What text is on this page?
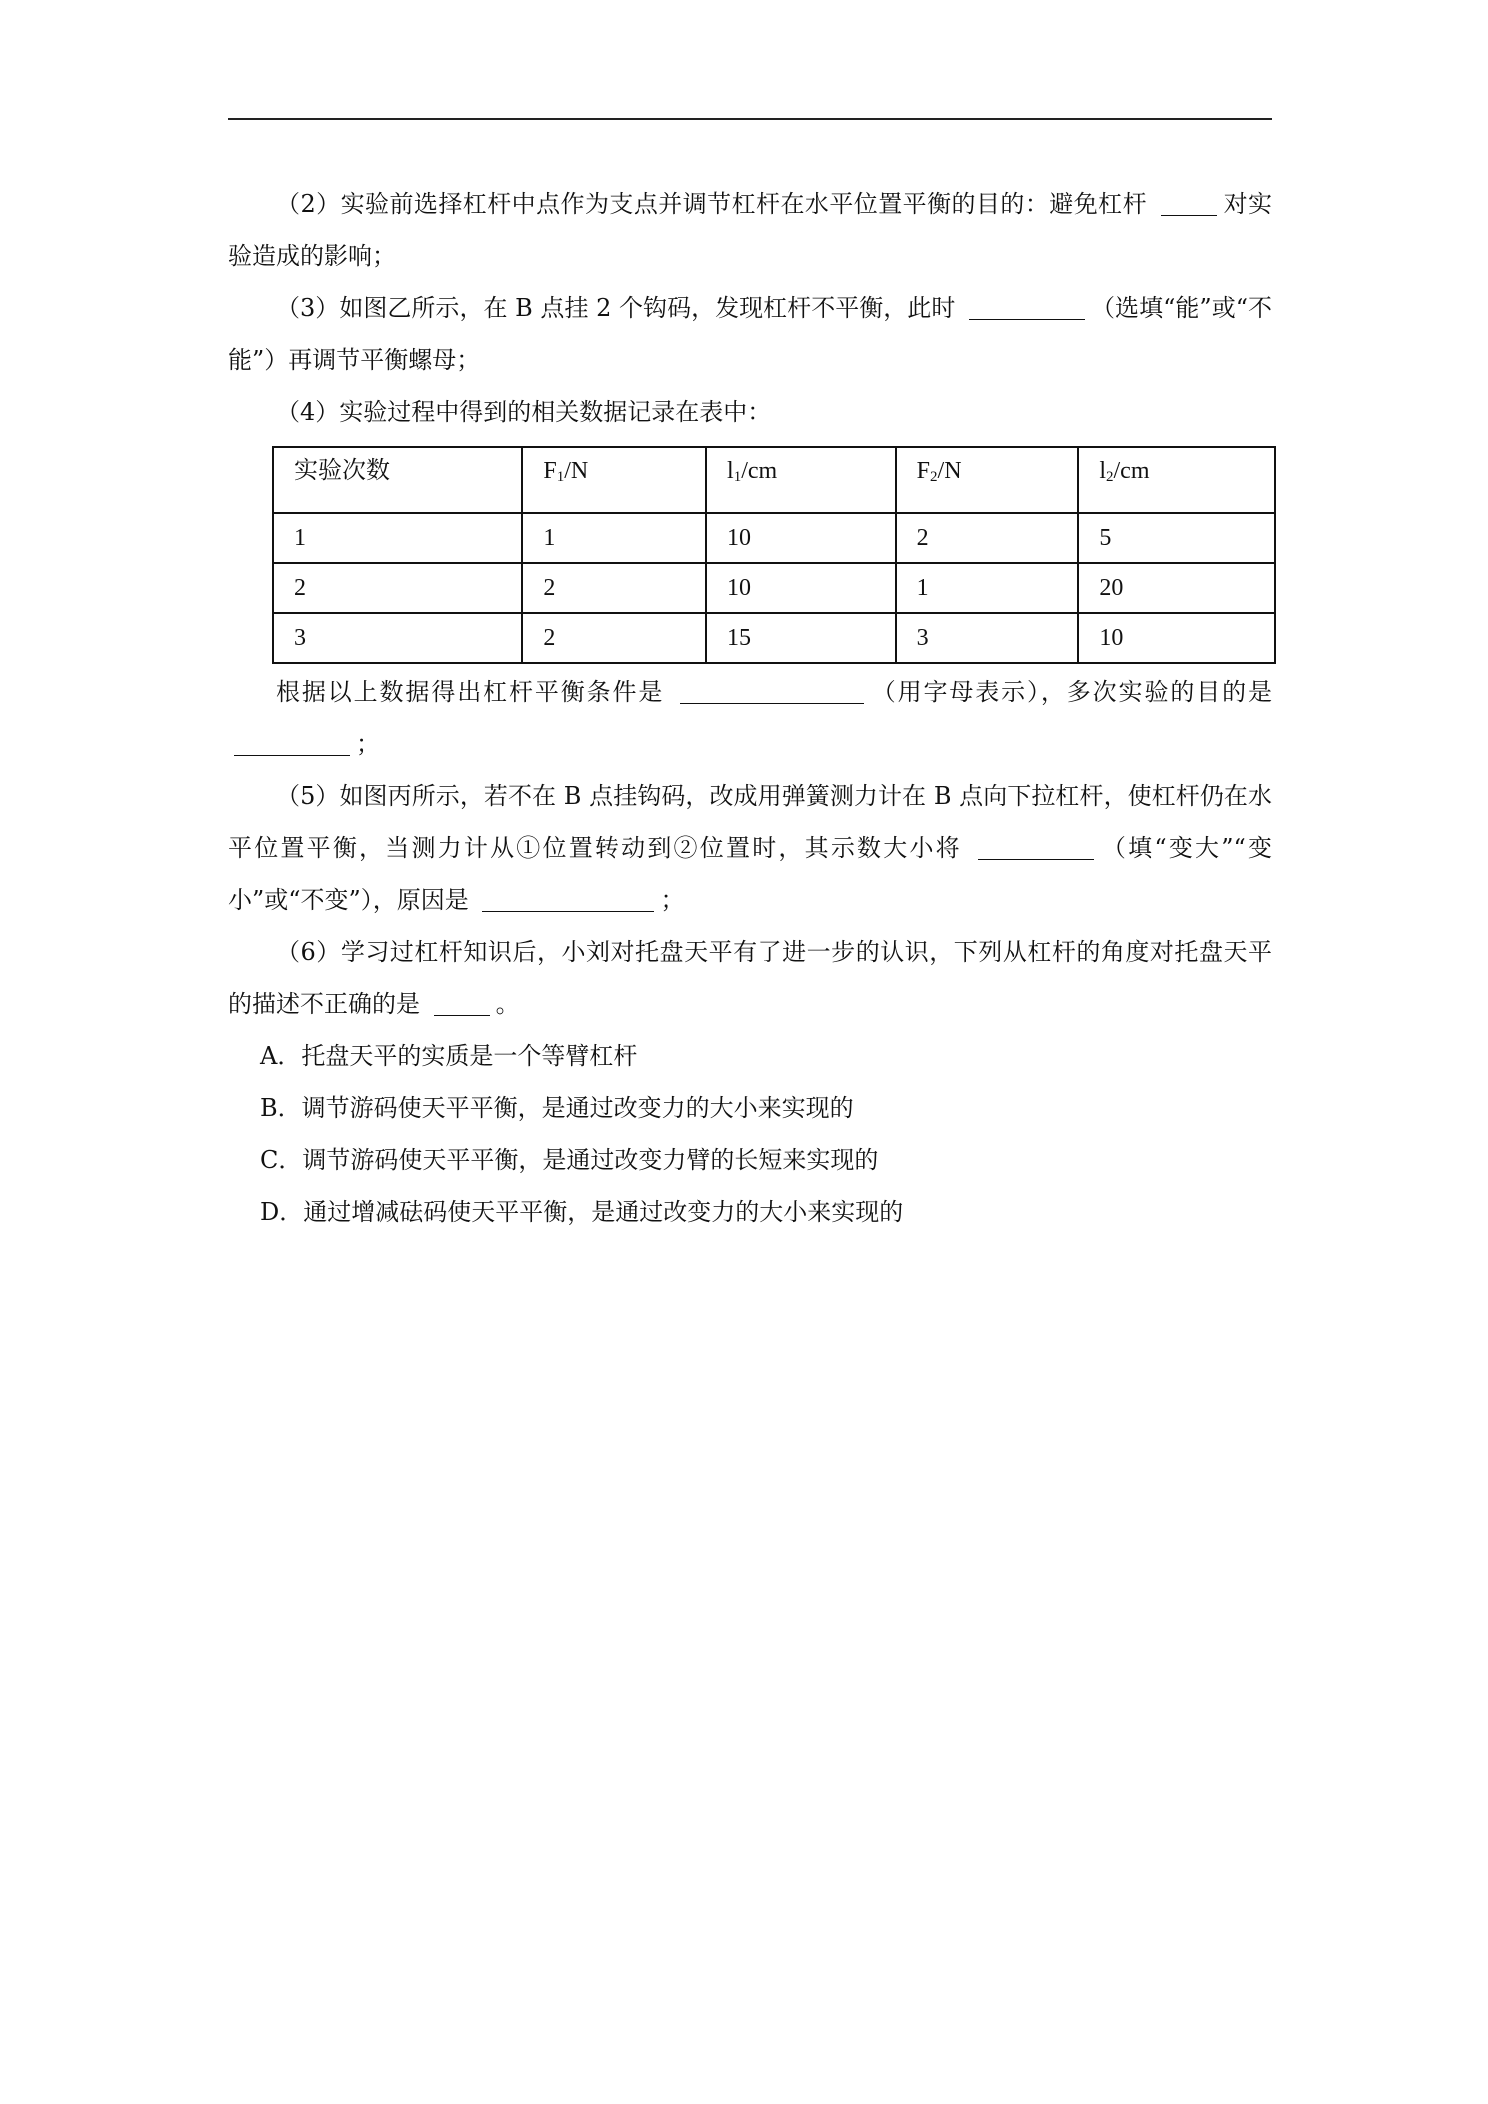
（2）实验前选择杠杆中点作为支点并调节杠杆在水平位置平衡的目的：避免杠杆	对实验造成的影响；

（3）如图乙所示，在 B 点挂 2 个钩码，发现杠杆不平衡，此时	（选填“能”或“不能”）再调节平衡螺母；

（4）实验过程中得到的相关数据记录在表中：

实验次数	$F_1/N$	$l_1/cm$	$F_2/N$	$l_2/cm$
1	1	10	2	5
2	2	10	1	20
3	2	15	3	10

根据以上数据得出杠杆平衡条件是	（用字母表示），多次实验的目的是 ；

（5）如图丙所示，若不在 B 点挂钩码，改成用弹簧测力计在 B 点向下拉杠杆，使杠杆仍在水平位置平衡，当测力计从①位置转动到②位置时，其示数大小将	（填“变大”“变小”或“不变”），原因是	；

（6）学习过杠杆知识后，小刘对托盘天平有了进一步的认识，下列从杠杆的角度对托盘天平的描述不正确的是	。

A．托盘天平的实质是一个等臂杠杆

B．调节游码使天平平衡，是通过改变力的大小来实现的

C．调节游码使天平平衡，是通过改变力臂的长短来实现的

D．通过增减砝码使天平平衡，是通过改变力的大小来实现的
